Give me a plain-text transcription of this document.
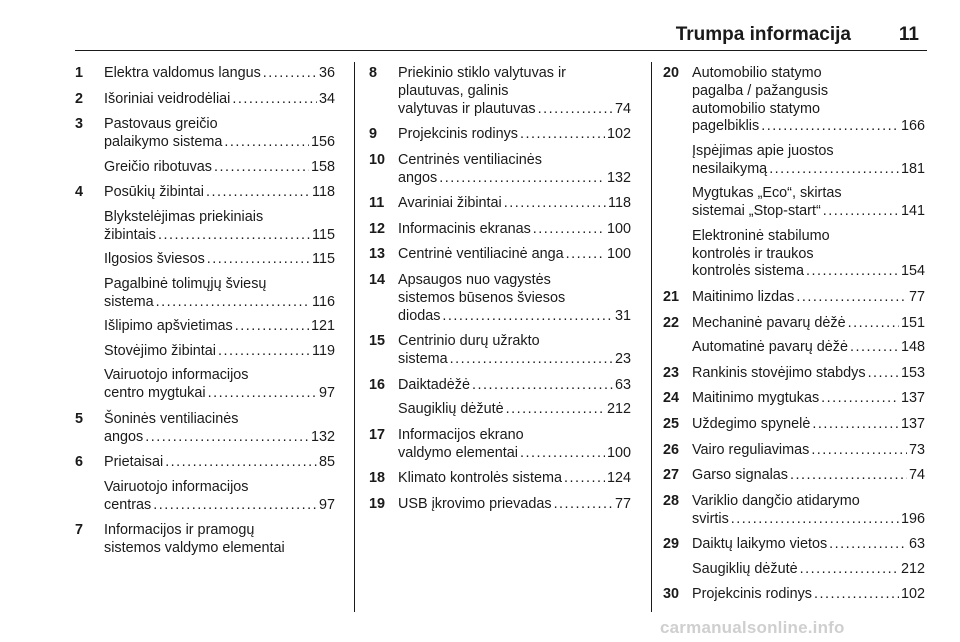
Trumpa informacija	11
1 Elektra valdomus langus .....	36
2 Išoriniai veidrodėliai .....	34
3 Pastovaus greičio
palaikymo sistema .....	156
Greičio ribotuvas .....	158
4 Posūkių žibintai .....	118
Blykstelėjimas priekiniais
žibintais .....	115
Ilgosios šviesos .....	115
Pagalbinė tolimųjų šviesų
sistema .....	116
Išlipimo apšvietimas .....	121
Stovėjimo žibintai .....	119
Vairuotojo informacijos
centro mygtukai .....	97
5 Šoninės ventiliacinės
angos .....	132
6 Prietaisai .....	85
Vairuotojo informacijos
centras .....	97
7 Informacijos ir pramogų
sistemos valdymo elementai
8 Priekinio stiklo valytuvas ir
plautuvas, galinis
valytuvas ir plautuvas .....	74
9 Projekcinis rodinys .....	102
10 Centrinės ventiliacinės
angos .....	132
11 Avariniai žibintai .....	118
12 Informacinis ekranas .....	100
13 Centrinė ventiliacinė anga .....	100
14 Apsaugos nuo vagystės
sistemos būsenos šviesos
diodas .....	31
15 Centrinio durų užrakto
sistema .....	23
16 Daiktadėžė .....	63
Saugiklių dėžutė .....	212
17 Informacijos ekrano
valdymo elementai .....	100
18 Klimato kontrolės sistema .....	124
19 USB įkrovimo prievadas .....	77
20 Automobilio statymo
pagalba / pažangusis
automobilio statymo
pagelbiklis .....	166
Įspėjimas apie juostos
nesilaikymą .....	181
Mygtukas „Eco“, skirtas
sistemai „Stop-start“ .....	141
Elektroninė stabilumo
kontrolės ir traukos
kontrolės sistema .....	154
21 Maitinimo lizdas .....	77
22 Mechaninė pavarų dėžė .....	151
Automatinė pavarų dėžė .....	148
23 Rankinis stovėjimo stabdys ..... 153
24 Maitinimo mygtukas .....	137
25 Uždegimo spynelė .....	137
26 Vairo reguliavimas .....	73
27 Garso signalas .....	74
28 Variklio dangčio atidarymo
svirtis .....	196
29 Daiktų laikymo vietos .....	63
Saugiklių dėžutė .....	212
30 Projekcinis rodinys .....	102
carmanualsonline.info
